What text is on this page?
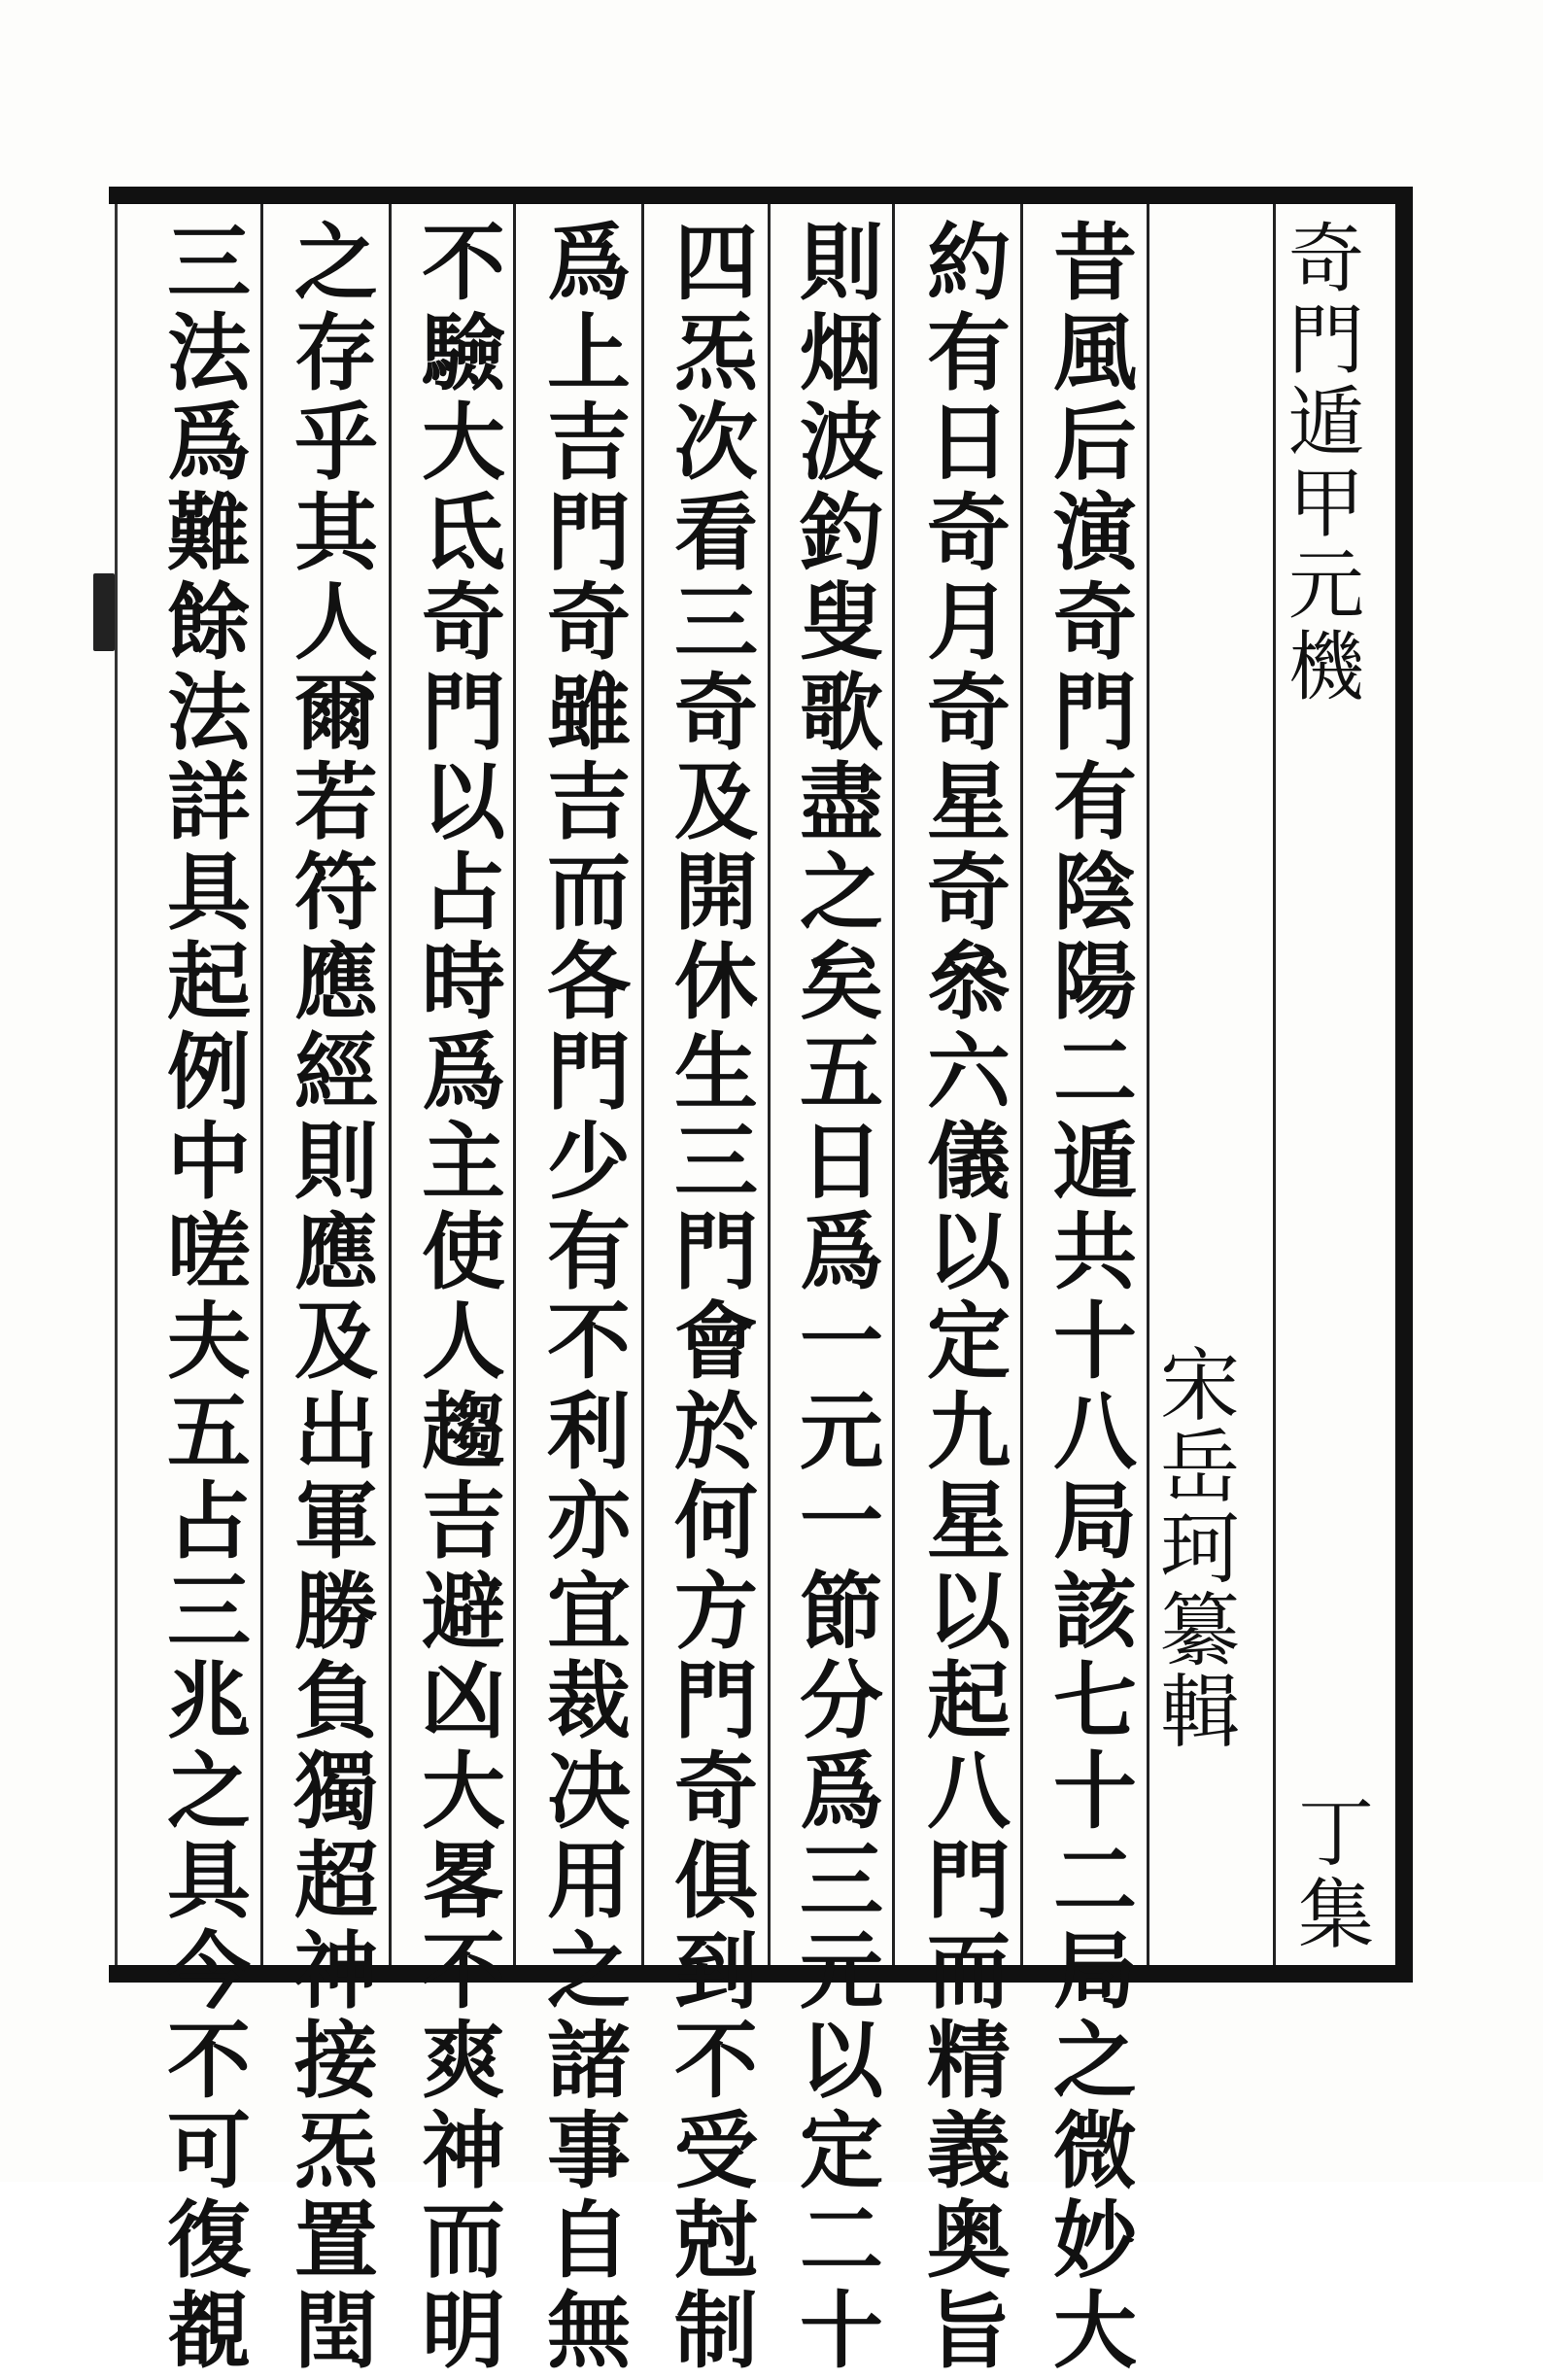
奇門遁甲元機
丁集
宋岳珂纂輯
昔風后演奇門有陰陽二遁共十八局該七十二局之微妙大
約有日奇月奇星奇叅六儀以定九星以起八門而精義奥旨
則烟波釣叟歌盡之矣五日爲一元一節分爲三元以定二十
四炁次看三奇及開休生三門會於何方門奇俱到不受尅制
爲上吉門奇雖吉而各門少有不利亦宜裁决用之諸事自無
不驗大氐奇門以占時爲主使人趨吉避凶大畧不爽神而明
之存乎其人爾若符應經則應及出軍勝負獨超神接炁置閏
三法爲難餘法詳具起例中嗟夫五占三兆之具今不可復覩
